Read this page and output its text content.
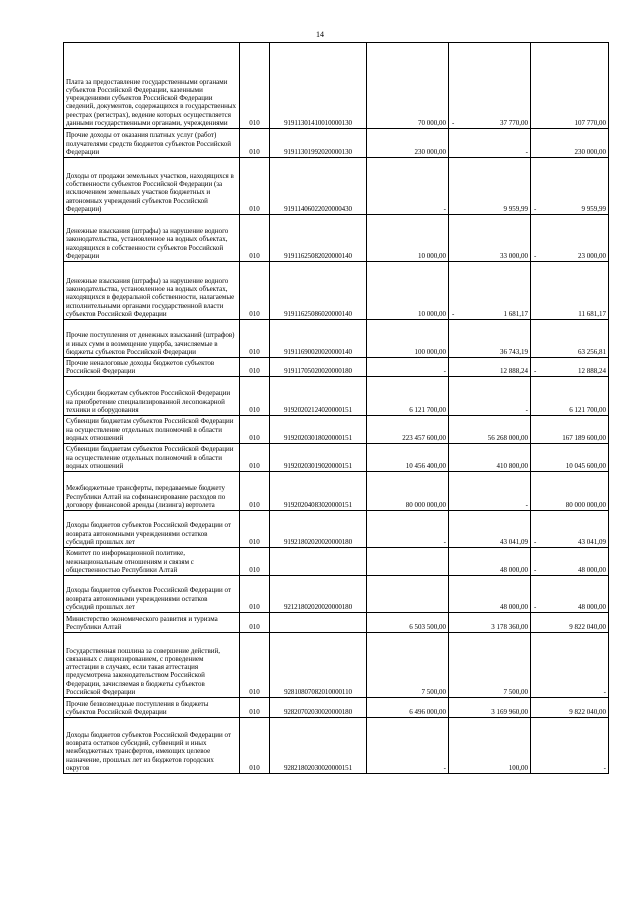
14
Плата за предоставление государственными органами субъектов Российской Федерации, казенными учреждениями субъектов Российской Федерации сведений, документов, содержащихся в государственных реестрах (регистрах), ведение которых осуществляется данными государственными органами, учреждениями	010	91911301410010000130	70 000,00	- 37 770,00	107 770,00

Прочие доходы от оказания платных услуг (работ) получателями средств бюджетов субъектов Российской Федерации	010	91911301992020000130	230 000,00	-	230 000,00

Доходы от продажи земельных участков, находящихся в собственности субъектов Российской Федерации (за исключением земельных участков бюджетных и автономных учреждений субъектов Российской Федерации)	010	91911406022020000430	-	9 959,99	- 9 959,99

Денежные взыскания (штрафы) за нарушение водного законодательства, установленное на водных объектах, находящихся в собственности субъектов Российской Федерации	010	91911625082020000140	10 000,00	33 000,00	- 23 000,00

Денежные взыскания (штрафы) за нарушение водного законодательства, установленное на водных объектах, находящихся в федеральной собственности, налагаемые исполнительными органами государственной власти субъектов Российской Федерации	010	91911625086020000140	10 000,00	- 1 681,17	11 681,17

Прочие поступления от денежных взысканий (штрафов) и иных сумм в возмещение ущерба, зачисляемые в бюджеты субъектов Российской Федерации	010	91911690020020000140	100 000,00	36 743,19	63 256,81

Прочие неналоговые доходы бюджетов субъектов Российской Федерации	010	91911705020020000180	-	12 888,24	- 12 888,24

Субсидии бюджетам субъектов Российской Федерации на приобретение специализированной лесопожарной техники и оборудования	010	91920202124020000151	6 121 700,00	-	6 121 700,00

Субвенции бюджетам субъектов Российской Федерации на осуществление отдельных полномочий в области водных отношений	010	91920203018020000151	223 457 600,00	56 268 000,00	167 189 600,00

Субвенции бюджетам субъектов Российской Федерации на осуществление отдельных полномочий в области водных отношений	010	91920203019020000151	10 456 400,00	410 800,00	10 045 600,00

Межбюджетные трансферты, передаваемые бюджету Республики Алтай на софинансирование расходов по договору финансовой аренды (лизинга) вертолета	010	91920204083020000151	80 000 000,00	-	80 000 000,00

Доходы бюджетов субъектов Российской Федерации от возврата автономными учреждениями остатков субсидий прошлых лет	010	91921802020020000180	-	43 041,09	- 43 041,09

Комитет по информационной политике, межнациональным отношениям и связям с общественностью Республики Алтай	010			48 000,00	- 48 000,00

Доходы бюджетов субъектов Российской Федерации от возврата автономными учреждениями остатков субсидий прошлых лет	010	92121802020020000180		48 000,00	- 48 000,00

Министерство экономического развития и туризма Республики Алтай	010		6 503 500,00	3 178 360,00	9 822 040,00

Государственная пошлина за совершение действий, связанных с лицензированием, с проведением аттестации в случаях, если такая аттестация предусмотрена законодательством Российской Федерации, зачисляемая в бюджеты субъектов Российской Федерации	010	92810807082010000110	7 500,00	7 500,00	-

Прочие безвозмездные поступления в бюджеты субъектов Российской Федерации	010	92820702030020000180	6 496 000,00	3 169 960,00	9 822 040,00

Доходы бюджетов субъектов Российской Федерации от возврата остатков субсидий, субвенций и иных межбюджетных трансфертов, имеющих целевое назначение, прошлых лет из бюджетов городских округов	010	92821802030020000151	-	100,00	-
